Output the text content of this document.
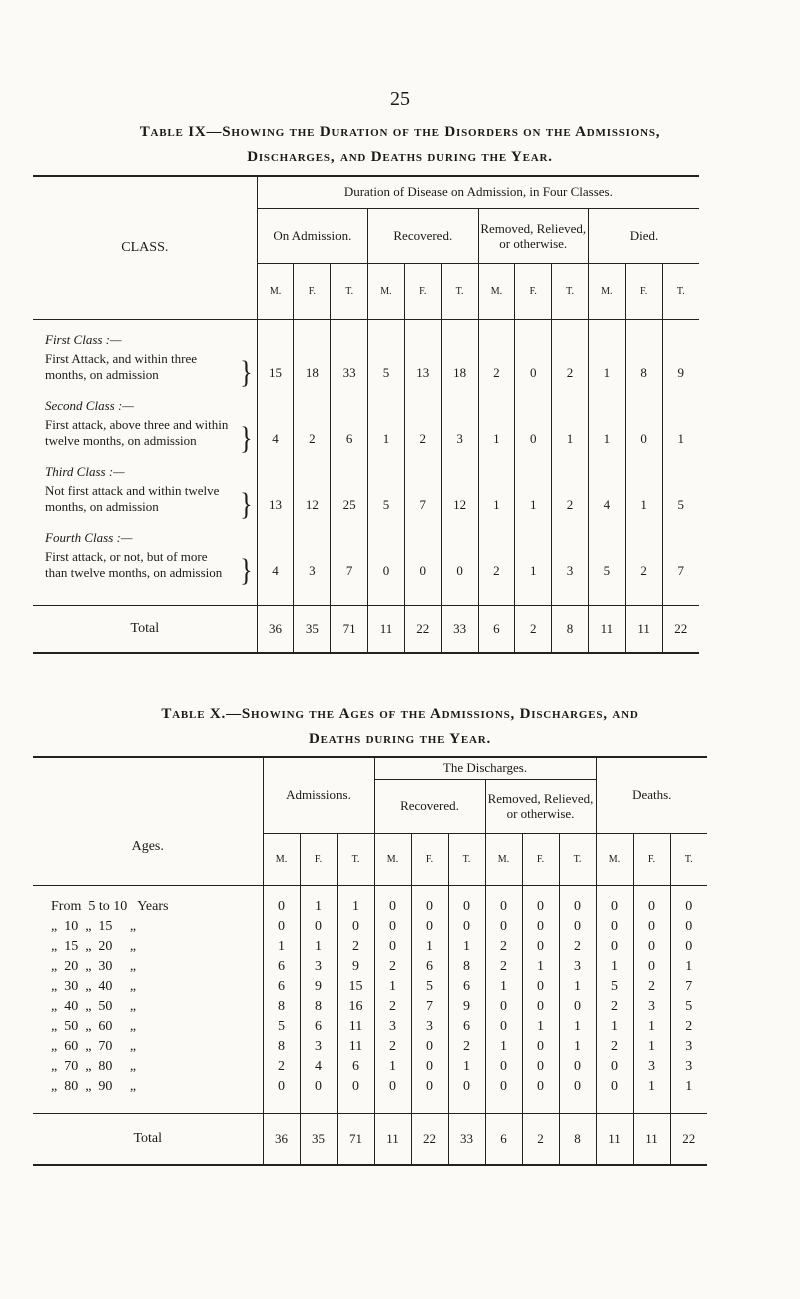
25
Table IX—Showing the Duration of the Disorders on the Admissions,
Discharges, and Deaths during the Year.
CLASS.	Duration of Disease on Admission, in Four Classes.											
	On Admission.			Recovered.			Removed, Relieved, or otherwise.			Died.		
	M.	F.	T.	M.	F.	T.	M.	F.	T.	M.	F.	T.

First Class :—												

}
First Attack, and within three months, on admission	15	18	33	5	13	18	2	0	2	1	8	9
Second Class :—												

}
First attack, above three and within twelve months, on admission	4	2	6	1	2	3	1	0	1	1	0	1
Third Class :—												

}
Not first attack and within twelve months, on admission	13	12	25	5	7	12	1	1	2	4	1	5
Fourth Class :—												

}
First attack, or not, but of more than twelve months, on admission	4	3	7	0	0	0	2	1	3	5	2	7

Total	36	35	71	11	22	33	6	2	8	11	11	22
Table X.—Showing the Ages of the Admissions, Discharges, and
Deaths during the Year.
Ages.	Admissions.			The Discharges.						Deaths.		
				Recovered.			Removed, Relieved, or otherwise.					
	M.	F.	T.	M.	F.	T.	M.	F.	T.	M.	F.	T.

From  5 to 10   Years	0	1	1	0	0	0	0	0	0	0	0	0
„  10  „  15     „	0	0	0	0	0	0	0	0	0	0	0	0
„  15  „  20     „	1	1	2	0	1	1	2	0	2	0	0	0
„  20  „  30     „	6	3	9	2	6	8	2	1	3	1	0	1
„  30  „  40     „	6	9	15	1	5	6	1	0	1	5	2	7
„  40  „  50     „	8	8	16	2	7	9	0	0	0	2	3	5
„  50  „  60     „	5	6	11	3	3	6	0	1	1	1	1	2
„  60  „  70     „	8	3	11	2	0	2	1	0	1	2	1	3
„  70  „  80     „	2	4	6	1	0	1	0	0	0	0	3	3
„  80  „  90     „	0	0	0	0	0	0	0	0	0	0	1	1

Total	36	35	71	11	22	33	6	2	8	11	11	22
